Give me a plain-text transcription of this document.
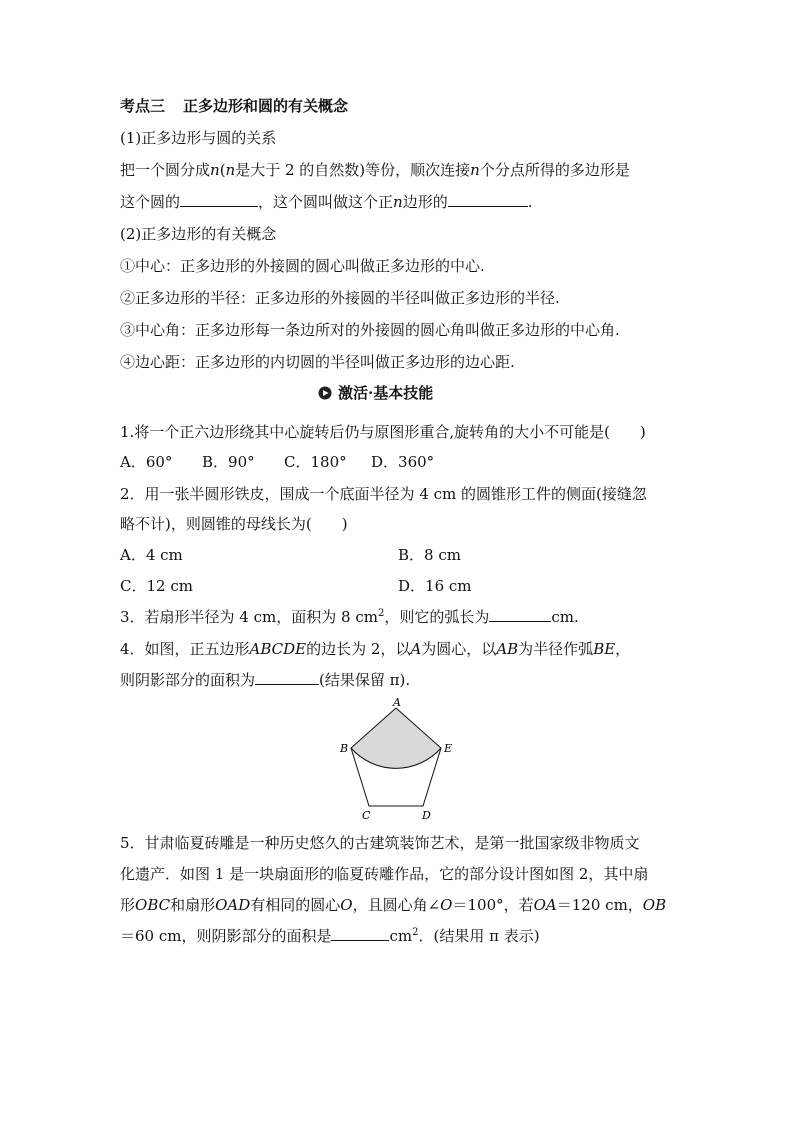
考点三 正多边形和圆的有关概念
(1)正多边形与圆的关系
把一个圆分成n(n是大于 2 的自然数)等份，顺次连接n个分点所得的多边形是
这个圆的	，这个圆叫做这个正n边形的	.
(2)正多边形的有关概念
①中心：正多边形的外接圆的圆心叫做正多边形的中心.
②正多边形的半径：正多边形的外接圆的半径叫做正多边形的半径.
③中心角：正多边形每一条边所对的外接圆的圆心角叫做正多边形的中心角.
④边心距：正多边形的内切圆的半径叫做正多边形的边心距.
激活·基本技能
1.将一个正六边形绕其中心旋转后仍与原图形重合,旋转角的大小不可能是(　　)
A．60° B．90° C．180° D．360°
2．用一张半圆形铁皮，围成一个底面半径为 4 cm 的圆锥形工件的侧面(接缝忽
略不计)，则圆锥的母线长为(　　)
A．4 cm	B．8 cm
C．12 cm	D．16 cm
3．若扇形半径为 4 cm，面积为 8 $cm^2$，则它的弧长为	cm.
4．如图，正五边形ABCDE的边长为 2，以A为圆心，以AB为半径作弧BE，
则阴影部分的面积为	(结果保留 π).
A
B	E
C	D
5．甘肃临夏砖雕是一种历史悠久的古建筑装饰艺术，是第一批国家级非物质文
化遗产．如图 1 是一块扇面形的临夏砖雕作品，它的部分设计图如图 2，其中扇
形OBC和扇形OAD有相同的圆心O，且圆心角∠O＝100°，若OA＝120 cm，OB
＝60 cm，则阴影部分的面积是	$cm^2$．(结果用 π 表示)
